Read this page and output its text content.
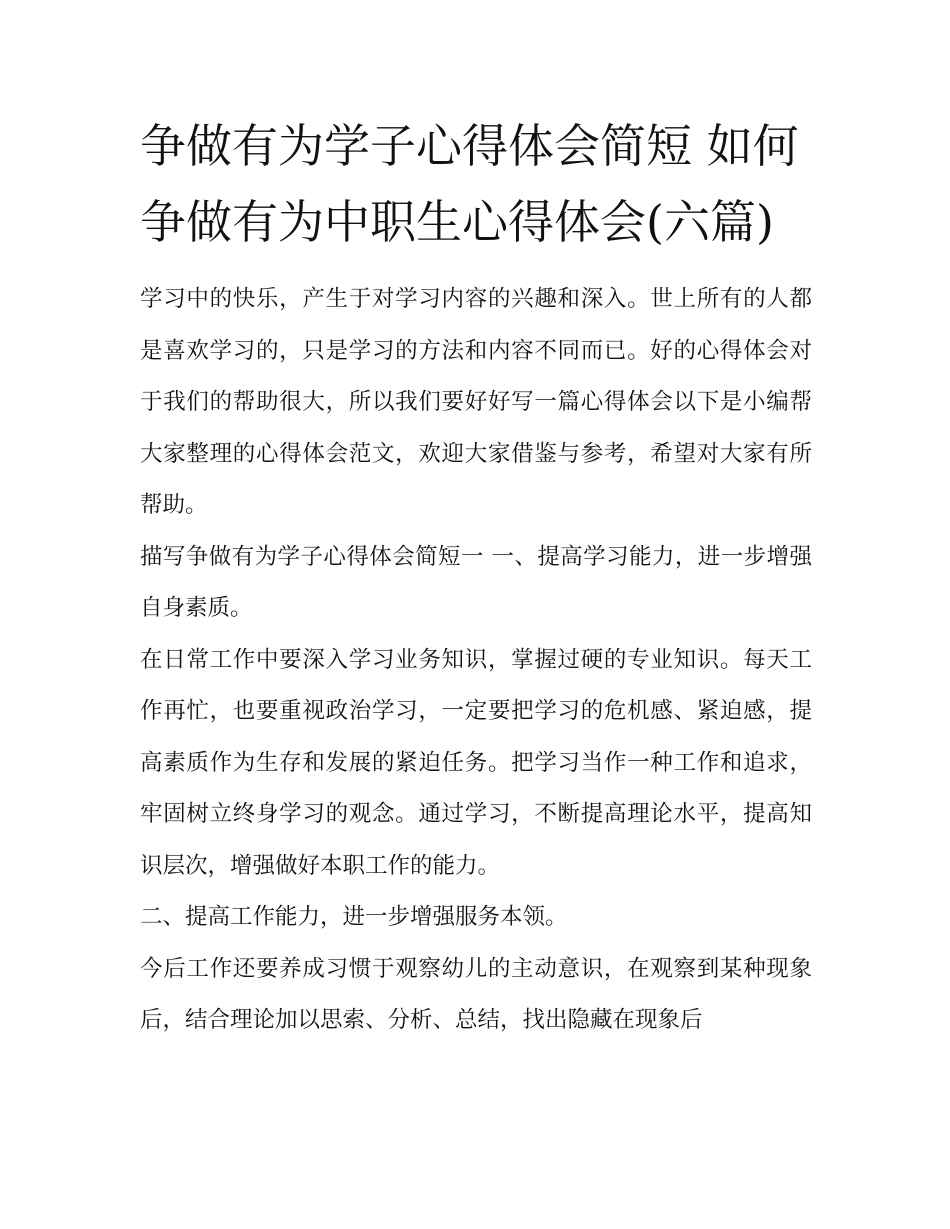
争做有为学子心得体会简短 如何争做有为中职生心得体会(六篇)

学习中的快乐，产生于对学习内容的兴趣和深入。世上所有的人都是喜欢学习的，只是学习的方法和内容不同而已。好的心得体会对于我们的帮助很大，所以我们要好好写一篇心得体会以下是小编帮大家整理的心得体会范文，欢迎大家借鉴与参考，希望对大家有所帮助。

描写争做有为学子心得体会简短一 一、提高学习能力，进一步增强自身素质。

在日常工作中要深入学习业务知识，掌握过硬的专业知识。每天工作再忙，也要重视政治学习，一定要把学习的危机感、紧迫感，提高素质作为生存和发展的紧迫任务。把学习当作一种工作和追求，牢固树立终身学习的观念。通过学习，不断提高理论水平，提高知识层次，增强做好本职工作的能力。

二、提高工作能力，进一步增强服务本领。

今后工作还要养成习惯于观察幼儿的主动意识，在观察到某种现象后，结合理论加以思索、分析、总结，找出隐藏在现象后
